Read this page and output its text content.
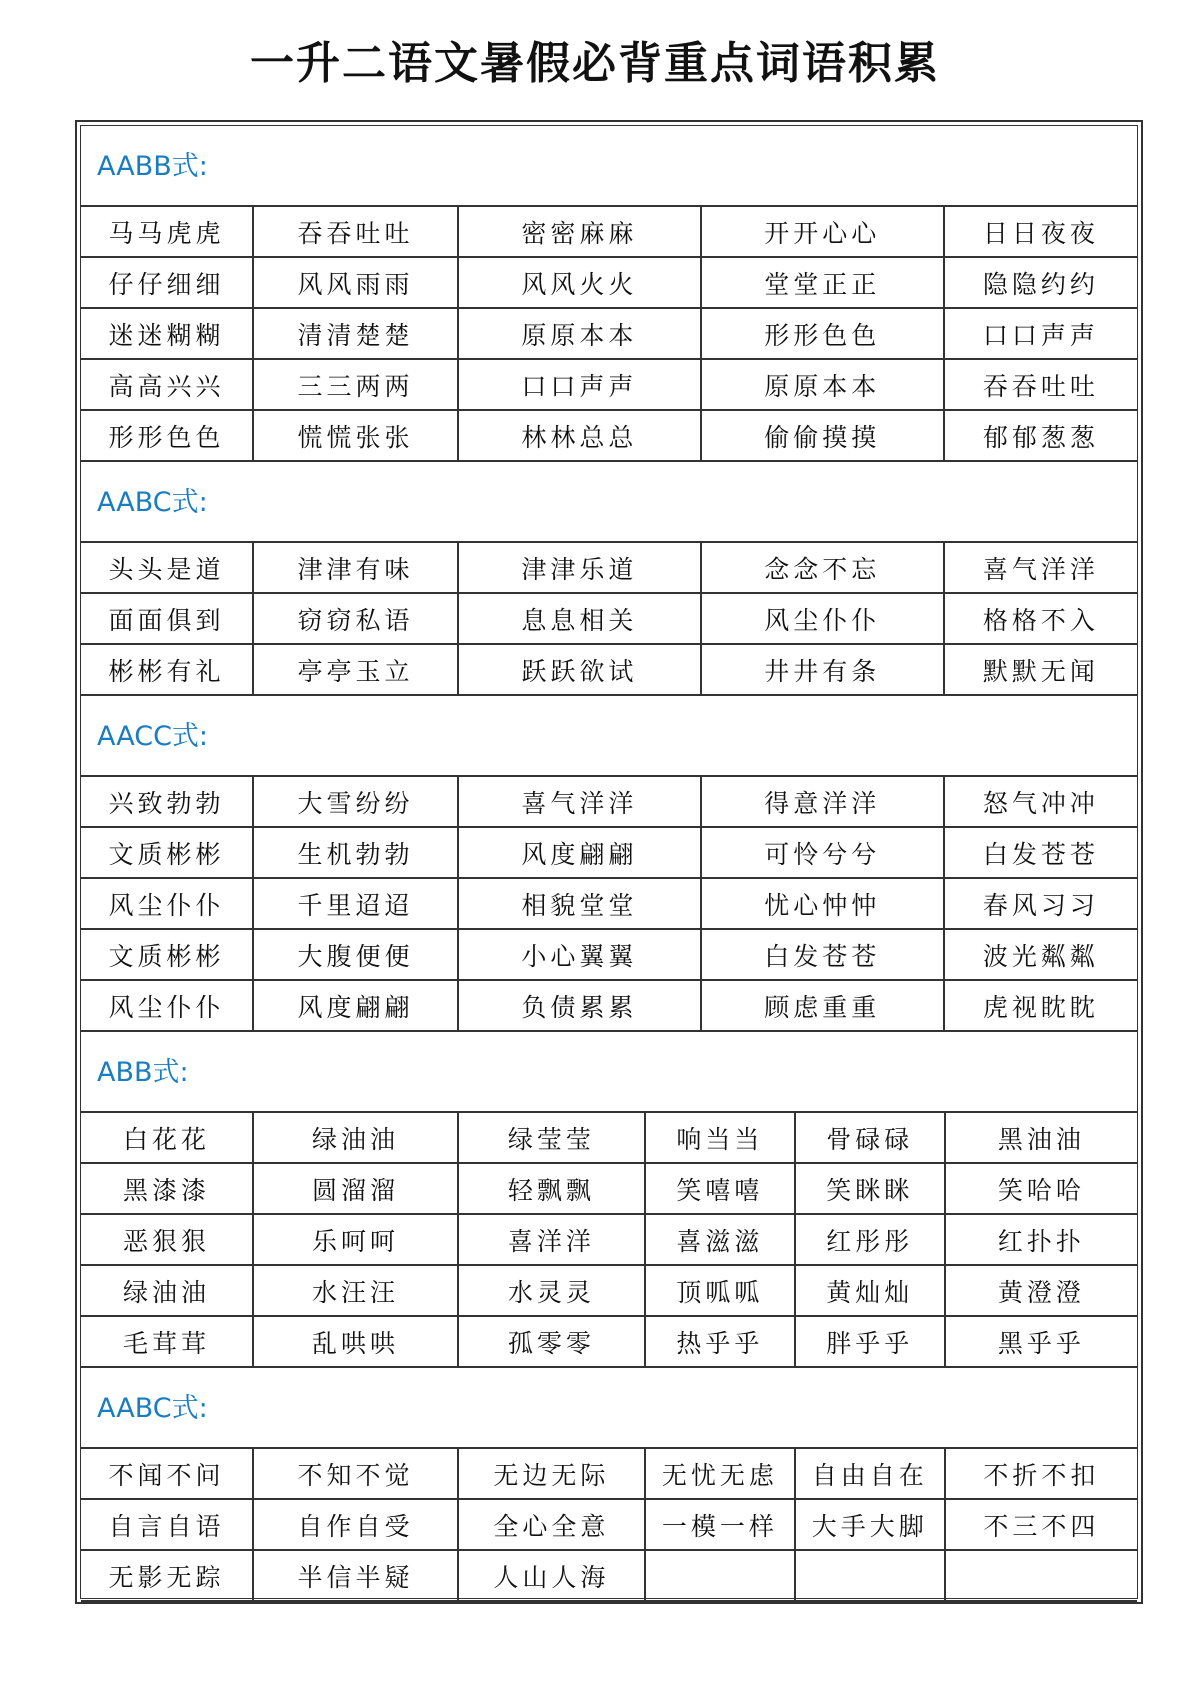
一升二语文暑假必背重点词语积累
AABB式:
马马虎虎	吞吞吐吐	密密麻麻	开开心心	日日夜夜
仔仔细细	风风雨雨	风风火火	堂堂正正	隐隐约约
迷迷糊糊	清清楚楚	原原本本	形形色色	口口声声
高高兴兴	三三两两	口口声声	原原本本	吞吞吐吐
形形色色	慌慌张张	林林总总	偷偷摸摸	郁郁葱葱
AABC式:
头头是道	津津有味	津津乐道	念念不忘	喜气洋洋
面面俱到	窃窃私语	息息相关	风尘仆仆	格格不入
彬彬有礼	亭亭玉立	跃跃欲试	井井有条	默默无闻
AACC式:
兴致勃勃	大雪纷纷	喜气洋洋	得意洋洋	怒气冲冲
文质彬彬	生机勃勃	风度翩翩	可怜兮兮	白发苍苍
风尘仆仆	千里迢迢	相貌堂堂	忧心忡忡	春风习习
文质彬彬	大腹便便	小心翼翼	白发苍苍	波光粼粼
风尘仆仆	风度翩翩	负债累累	顾虑重重	虎视眈眈
ABB式:
白花花	绿油油	绿莹莹	响当当	骨碌碌	黑油油
黑漆漆	圆溜溜	轻飘飘	笑嘻嘻	笑眯眯	笑哈哈
恶狠狠	乐呵呵	喜洋洋	喜滋滋	红彤彤	红扑扑
绿油油	水汪汪	水灵灵	顶呱呱	黄灿灿	黄澄澄
毛茸茸	乱哄哄	孤零零	热乎乎	胖乎乎	黑乎乎
AABC式:
不闻不问	不知不觉	无边无际	无忧无虑	自由自在	不折不扣
自言自语	自作自受	全心全意	一模一样	大手大脚	不三不四
无影无踪	半信半疑	人山人海			
